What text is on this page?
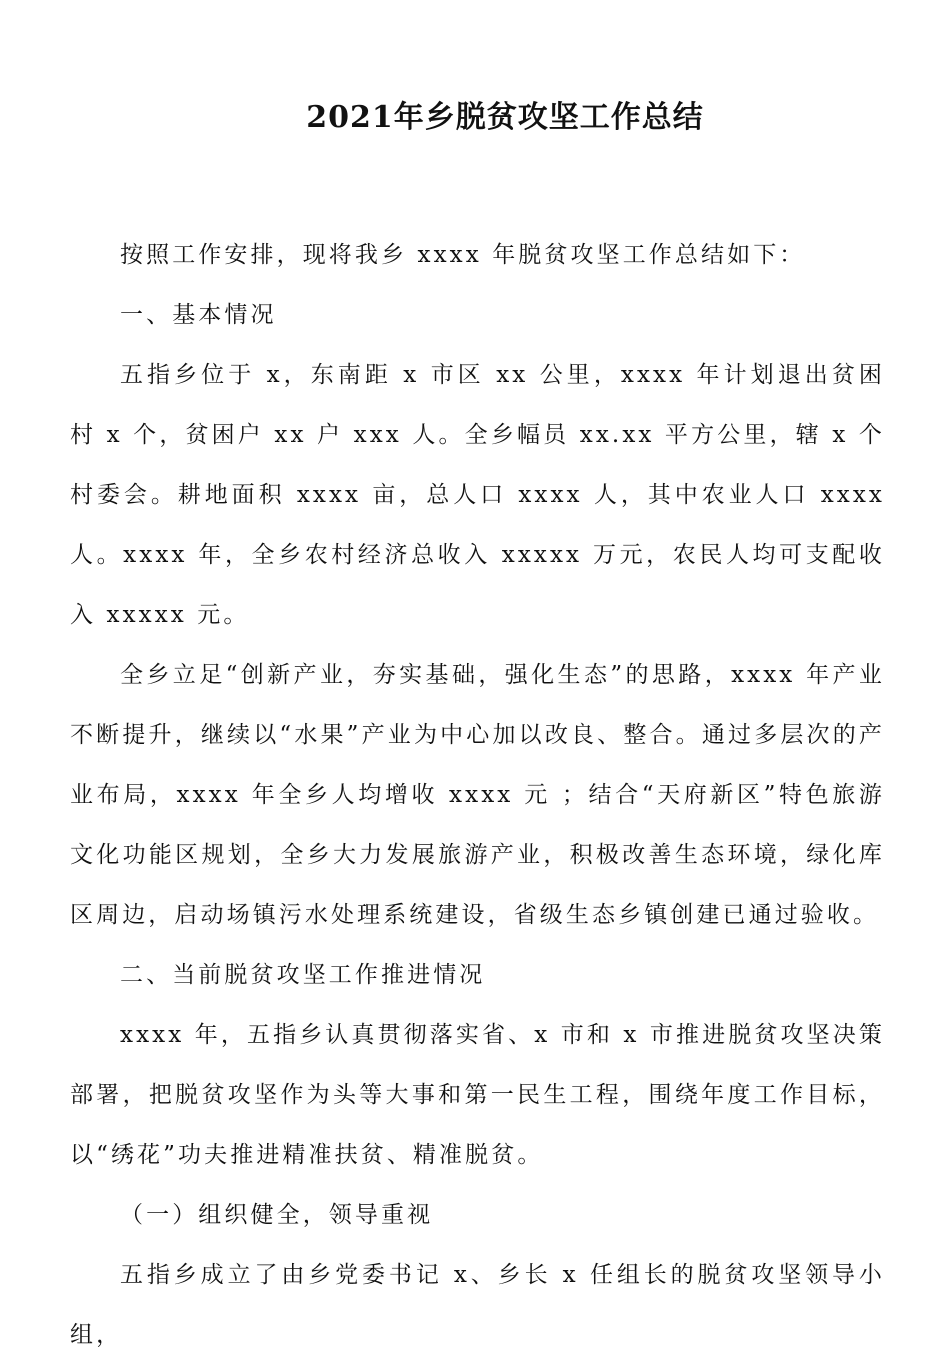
2021年乡脱贫攻坚工作总结

按照工作安排，现将我乡 xxxx 年脱贫攻坚工作总结如下：

一、基本情况

五指乡位于 x，东南距 x 市区 xx 公里，xxxx 年计划退出贫困村 x 个，贫困户 xx 户 xxx 人。全乡幅员 xx.xx 平方公里，辖 x 个村委会。耕地面积 xxxx 亩，总人口 xxxx 人，其中农业人口 xxxx 人。xxxx 年，全乡农村经济总收入 xxxxx 万元，农民人均可支配收入 xxxxx 元。

全乡立足“创新产业，夯实基础，强化生态”的思路，xxxx 年产业不断提升，继续以“水果”产业为中心加以改良、整合。通过多层次的产业布局，xxxx 年全乡人均增收 xxxx 元 ；结合“天府新区”特色旅游文化功能区规划，全乡大力发展旅游产业，积极改善生态环境，绿化库区周边，启动场镇污水处理系统建设，省级生态乡镇创建已通过验收。

二、当前脱贫攻坚工作推进情况

xxxx 年，五指乡认真贯彻落实省、x 市和 x 市推进脱贫攻坚决策部署，把脱贫攻坚作为头等大事和第一民生工程，围绕年度工作目标，以“绣花”功夫推进精准扶贫、精准脱贫。

（一）组织健全，领导重视

五指乡成立了由乡党委书记 x、乡长 x 任组长的脱贫攻坚领导小组，
